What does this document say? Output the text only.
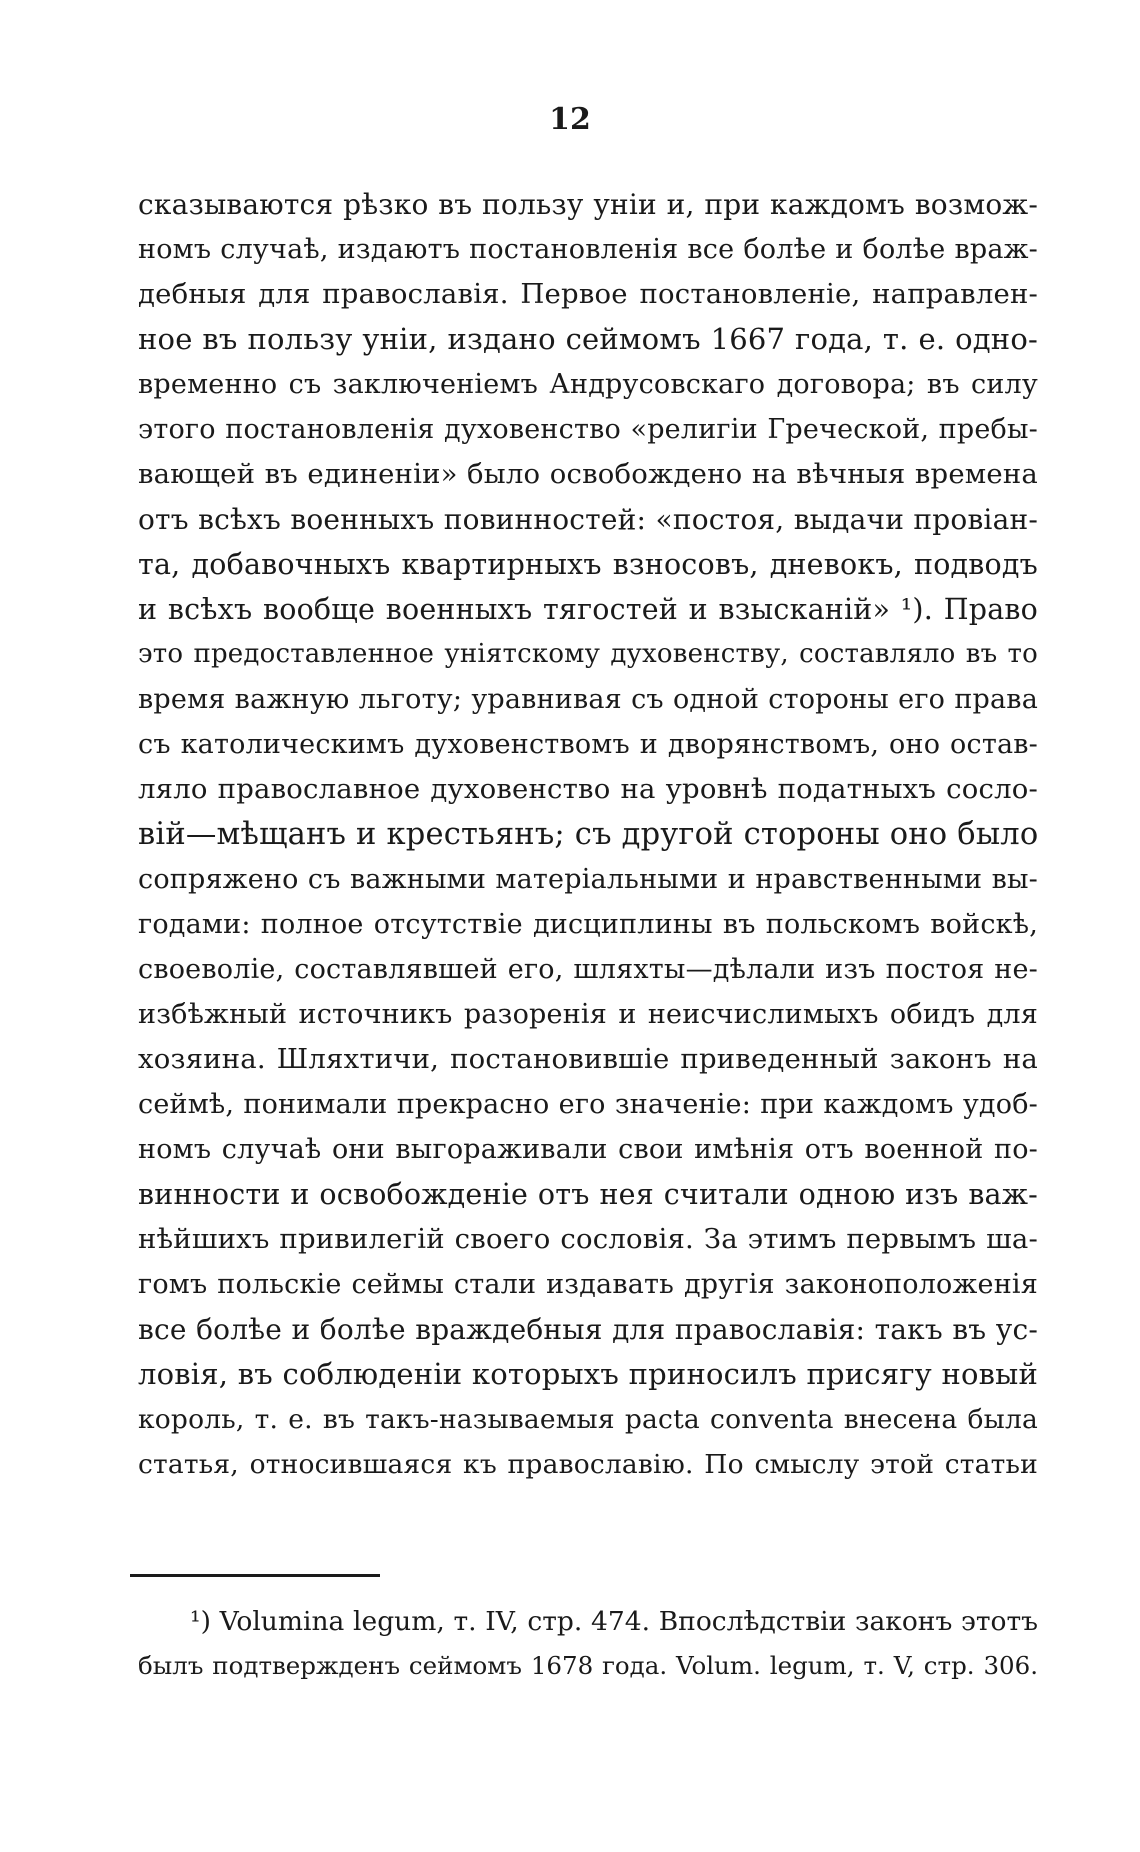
12
сказываются рѣзко въ пользу уніи и, при каждомъ возмож-
номъ случаѣ, издаютъ постановленія все болѣе и болѣе враж-
дебныя для православія. Первое постановленіе, направлен-
ное въ пользу уніи, издано сеймомъ 1667 года, т. е. одно-
временно съ заключеніемъ Андрусовскаго договора; въ силу
этого постановленія духовенство «религіи Греческой, пребы-
вающей въ единеніи» было освобождено на вѣчныя времена
отъ всѣхъ военныхъ повинностей: «постоя, выдачи провіан-
та, добавочныхъ квартирныхъ взносовъ, дневокъ, подводъ
и всѣхъ вообще военныхъ тягостей и взысканій» ¹). Право
это предоставленное уніятскому духовенству, составляло въ то
время важную льготу; уравнивая съ одной стороны его права
съ католическимъ духовенствомъ и дворянствомъ, оно остав-
ляло православное духовенство на уровнѣ податныхъ сосло-
вій—мѣщанъ и крестьянъ; съ другой стороны оно было
сопряжено съ важными матеріальными и нравственными вы-
годами: полное отсутствіе дисциплины въ польскомъ войскѣ,
своеволіе, составлявшей его, шляхты—дѣлали изъ постоя не-
избѣжный источникъ разоренія и неисчислимыхъ обидъ для
хозяина. Шляхтичи, постановившіе приведенный законъ на
сеймѣ, понимали прекрасно его значеніе: при каждомъ удоб-
номъ случаѣ они выгораживали свои имѣнія отъ военной по-
винности и освобожденіе отъ нея считали одною изъ важ-
нѣйшихъ привилегій своего сословія. За этимъ первымъ ша-
гомъ польскіе сеймы стали издавать другія законоположенія
все болѣе и болѣе враждебныя для православія: такъ въ ус-
ловія, въ соблюденіи которыхъ приносилъ присягу новый
король, т. е. въ такъ-называемыя pacta conventa внесена была
статья, относившаяся къ православію. По смыслу этой статьи
¹) Volumina legum, т. IV, стр. 474. Впослѣдствіи законъ этотъ
былъ подтвержденъ сеймомъ 1678 года. Volum. legum, т. V, стр. 306.
